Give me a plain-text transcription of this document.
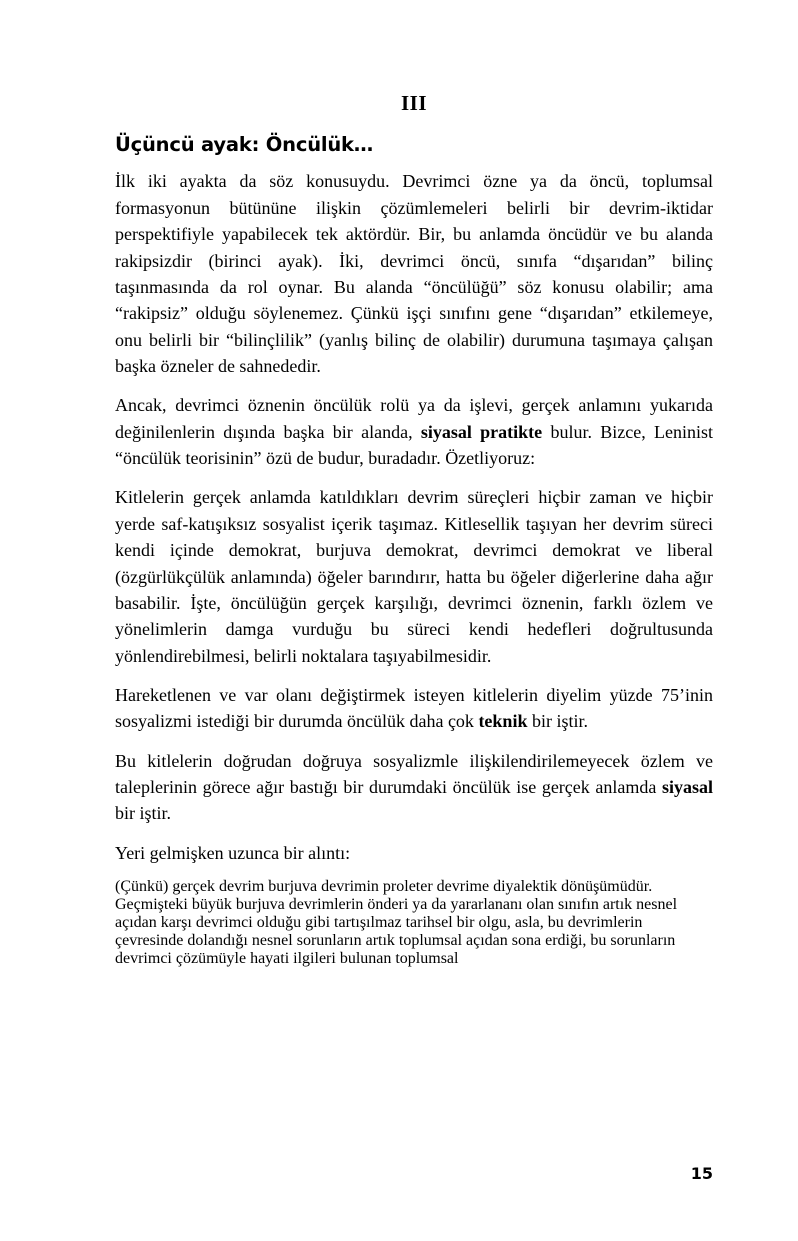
III
Üçüncü ayak: Öncülük…

İlk iki ayakta da söz konusuydu. Devrimci özne ya da öncü, toplumsal formasyonun bütününe ilişkin çözümlemeleri belirli bir devrim-iktidar perspektifiyle yapabilecek tek aktördür. Bir, bu anlamda öncüdür ve bu alanda rakipsizdir (birinci ayak). İki, devrimci öncü, sınıfa “dışarıdan” bilinç taşınmasında da rol oynar. Bu alanda “öncülüğü” söz konusu olabilir; ama “rakipsiz” olduğu söylenemez. Çünkü işçi sınıfını gene “dışarıdan” etkilemeye, onu belirli bir “bilinçlilik” (yanlış bilinç de olabilir) durumuna taşımaya çalışan başka özneler de sahnededir.

Ancak, devrimci öznenin öncülük rolü ya da işlevi, gerçek anlamını yukarıda değinilenlerin dışında başka bir alanda, siyasal pratikte bulur. Bizce, Leninist “öncülük teorisinin” özü de budur, buradadır. Özetliyoruz:

Kitlelerin gerçek anlamda katıldıkları devrim süreçleri hiçbir zaman ve hiçbir yerde saf-katışıksız sosyalist içerik taşımaz. Kitlesellik taşıyan her devrim süreci kendi içinde demokrat, burjuva demokrat, devrimci demokrat ve liberal (özgürlükçülük anlamında) öğeler barındırır, hatta bu öğeler diğerlerine daha ağır basabilir. İşte, öncülüğün gerçek karşılığı, devrimci öznenin, farklı özlem ve yönelimlerin damga vurduğu bu süreci kendi hedefleri doğrultusunda yönlendirebilmesi, belirli noktalara taşıyabilmesidir.

Hareketlenen ve var olanı değiştirmek isteyen kitlelerin diyelim yüzde 75’inin sosyalizmi istediği bir durumda öncülük daha çok teknik bir iştir.

Bu kitlelerin doğrudan doğruya sosyalizmle ilişkilendirilemeyecek özlem ve taleplerinin görece ağır bastığı bir durumdaki öncülük ise gerçek anlamda siyasal bir iştir.

Yeri gelmişken uzunca bir alıntı:

(Çünkü) gerçek devrim burjuva devrimin proleter devrime diyalektik dönüşümüdür. Geçmişteki büyük burjuva devrimlerin önderi ya da yararlananı olan sınıfın artık nesnel açıdan karşı devrimci olduğu gibi tartışılmaz tarihsel bir olgu, asla, bu devrimlerin çevresinde dolandığı nesnel sorunların artık toplumsal açıdan sona erdiği, bu sorunların devrimci çözümüyle hayati ilgileri bulunan toplumsal
15
